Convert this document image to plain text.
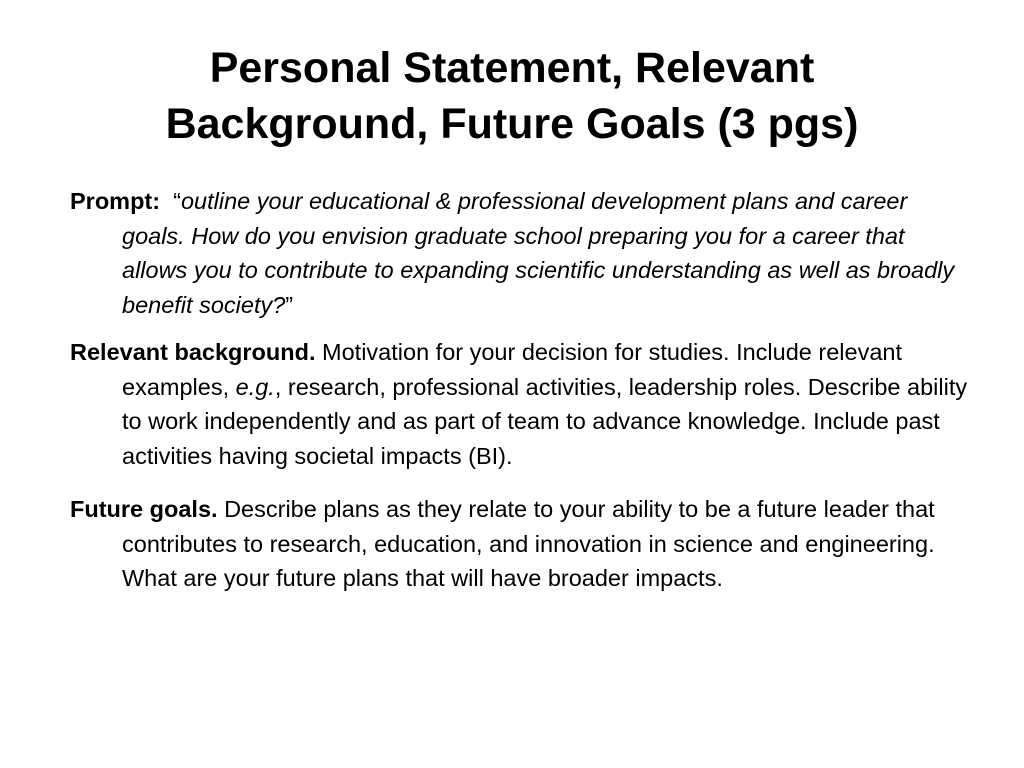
Personal Statement, Relevant
Background, Future Goals (3 pgs)

Prompt: “outline your educational & professional development plans and career goals. How do you envision graduate school preparing you for a career that allows you to contribute to expanding scientific understanding as well as broadly benefit society?”

Relevant background. Motivation for your decision for studies. Include relevant examples, e.g., research, professional activities, leadership roles. Describe ability to work independently and as part of team to advance knowledge. Include past activities having societal impacts (BI).

Future goals. Describe plans as they relate to your ability to be a future leader that contributes to research, education, and innovation in science and engineering. What are your future plans that will have broader impacts.
